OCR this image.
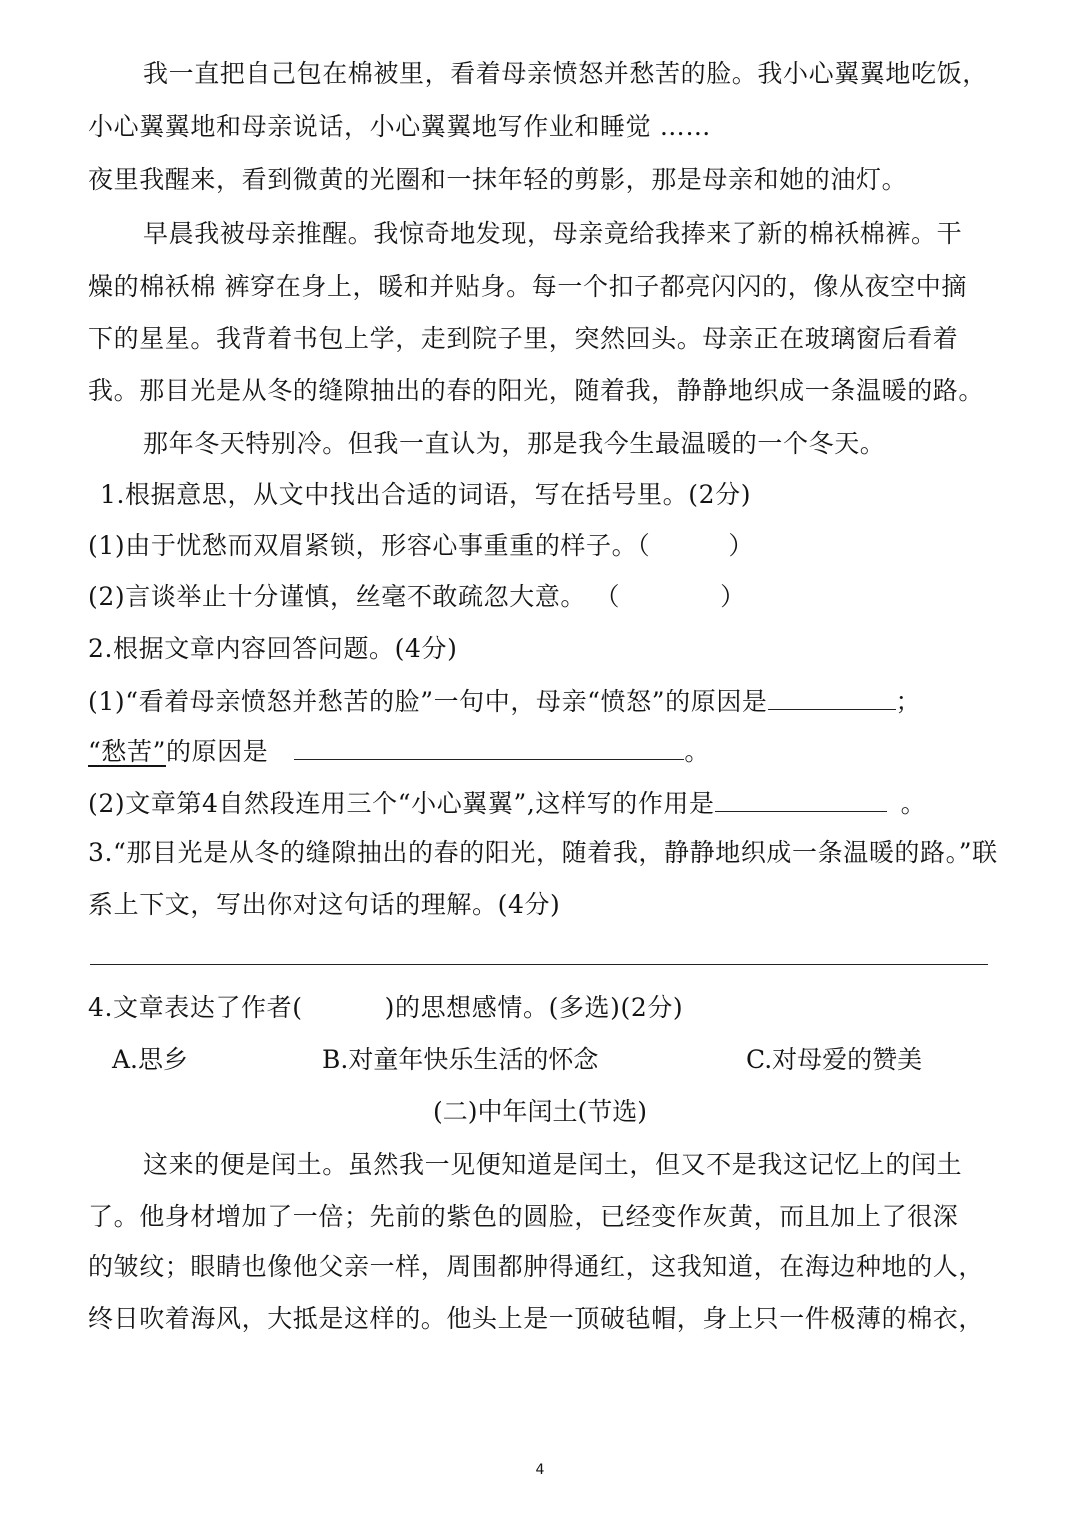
我一直把自己包在棉被里，看着母亲愤怒并愁苦的脸。我小心翼翼地吃饭，
小心翼翼地和母亲说话，小心翼翼地写作业和睡觉 ……
夜里我醒来，看到微黄的光圈和一抹年轻的剪影，那是母亲和她的油灯。
早晨我被母亲推醒。我惊奇地发现，母亲竟给我捧来了新的棉袄棉裤。干
燥的棉袄棉 裤穿在身上，暖和并贴身。每一个扣子都亮闪闪的，像从夜空中摘
下的星星。我背着书包上学，走到院子里，突然回头。母亲正在玻璃窗后看着
我。那目光是从冬的缝隙抽出的春的阳光，随着我，静静地织成一条温暖的路。
那年冬天特别冷。但我一直认为，那是我今生最温暖的一个冬天。
1.根据意思，从文中找出合适的词语，写在括号里。(2分)
(1)由于忧愁而双眉紧锁，形容心事重重的样子。（	）
(2)言谈举止十分谨慎，丝毫不敢疏忽大意。 （	）
2.根据文章内容回答问题。(4分)
(1)“看着母亲愤怒并愁苦的脸”一句中，母亲“愤怒”的原因是	；
“愁苦”的原因是	。
(2)文章第4自然段连用三个“小心翼翼”,这样写的作用是	。
3.“那目光是从冬的缝隙抽出的春的阳光，随着我，静静地织成一条温暖的路。”联
系上下文，写出你对这句话的理解。(4分)
4.文章表达了作者(	)的思想感情。(多选)(2分)
A.思乡	B.对童年快乐生活的怀念	C.对母爱的赞美
(二)中年闰土(节选)
这来的便是闰土。虽然我一见便知道是闰土，但又不是我这记忆上的闰土
了。他身材增加了一倍；先前的紫色的圆脸，已经变作灰黄，而且加上了很深
的皱纹；眼睛也像他父亲一样，周围都肿得通红，这我知道，在海边种地的人，
终日吹着海风，大抵是这样的。他头上是一顶破毡帽，身上只一件极薄的棉衣，
4
